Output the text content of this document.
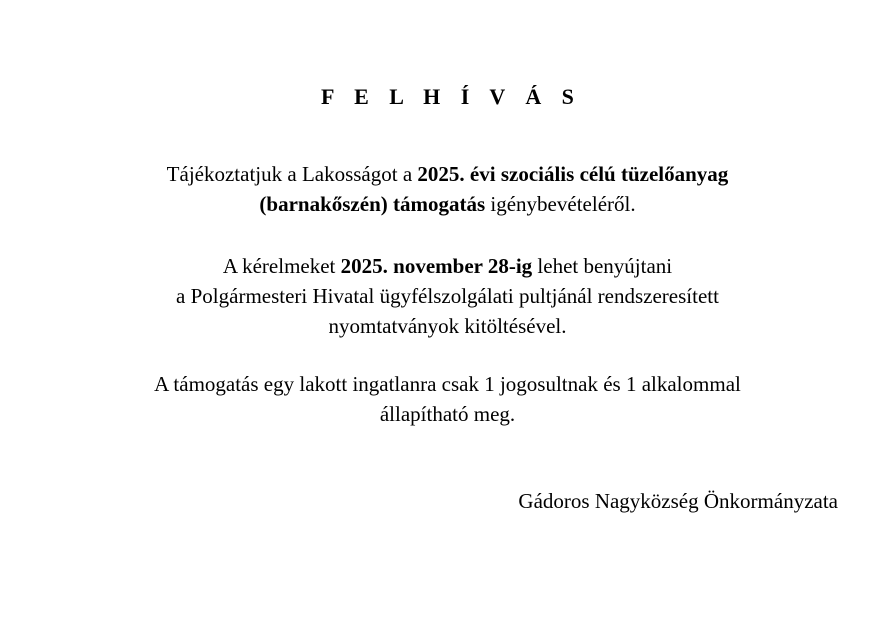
F E L H Í V Á S
Tájékoztatjuk a Lakosságot a 2025. évi szociális célú tüzelőanyag
(barnakőszén) támogatás igénybevételéről.
A kérelmeket 2025. november 28-ig lehet benyújtani
a Polgármesteri Hivatal ügyfélszolgálati pultjánál rendszeresített
nyomtatványok kitöltésével.
A támogatás egy lakott ingatlanra csak 1 jogosultnak és 1 alkalommal
állapítható meg.
Gádoros Nagyközség Önkormányzata
